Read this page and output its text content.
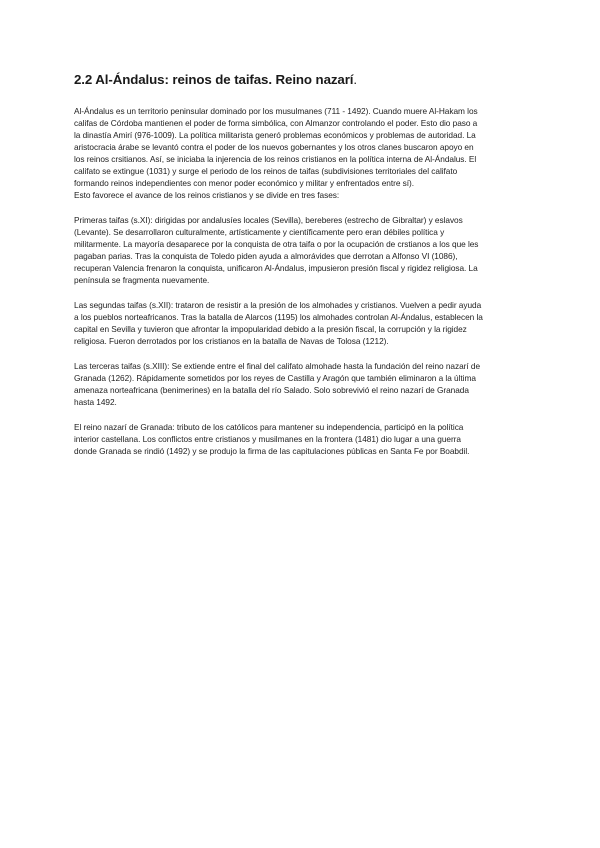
2.2 Al-Ándalus: reinos de taifas. Reino nazarí.

Al-Ándalus es un territorio peninsular dominado por los musulmanes (711 - 1492). Cuando muere Al-Hakam los
califas de Córdoba mantienen el poder de forma simbólica, con Almanzor controlando el poder. Esto dio paso a
la dinastía Amirí (976-1009). La política militarista generó problemas económicos y problemas de autoridad. La
aristocracia árabe se levantó contra el poder de los nuevos gobernantes y los otros clanes buscaron apoyo en
los reinos crsitianos. Así, se iniciaba la injerencia de los reinos cristianos en la política interna de Al-Ándalus. El
califato se extingue (1031) y surge el periodo de los reinos de taifas (subdivisiones territoriales del califato
formando reinos independientes con menor poder económico y militar y enfrentados entre sí).
Esto favorece el avance de los reinos cristianos y se divide en tres fases:

Primeras taifas (s.XI): dirigidas por andalusíes locales (Sevilla), bereberes (estrecho de Gibraltar) y eslavos
(Levante). Se desarrollaron culturalmente, artísticamente y científicamente pero eran débiles política y
militarmente. La mayoría desaparece por la conquista de otra taifa o por la ocupación de crstianos a los que les
pagaban parias. Tras la conquista de Toledo piden ayuda a almorávides que derrotan a Alfonso VI (1086),
recuperan Valencia frenaron la conquista, unificaron Al-Ándalus, impusieron presión fiscal y rigidez religiosa. La
península se fragmenta nuevamente.

Las segundas taifas (s.XII): trataron de resistir a la presión de los almohades y cristianos. Vuelven a pedir ayuda
a los pueblos norteafricanos. Tras la batalla de Alarcos (1195) los almohades controlan Al-Ándalus, establecen la
capital en Sevilla y tuvieron que afrontar la impopularidad debido a la presión fiscal, la corrupción y la rigidez
religiosa. Fueron derrotados por los cristianos en la batalla de Navas de Tolosa (1212).

Las terceras taifas (s.XIII): Se extiende entre el final del califato almohade hasta la fundación del reino nazarí de
Granada (1262). Rápidamente sometidos por los reyes de Castilla y Aragón que también eliminaron a la última
amenaza norteafricana (benimerines) en la batalla del río Salado. Solo sobrevivió el reino nazarí de Granada
hasta 1492.

El reino nazarí de Granada: tributo de los católicos para mantener su independencia, participó en la política
interior castellana. Los conflictos entre cristianos y musilmanes en la frontera (1481) dio lugar a una guerra
donde Granada se rindió (1492) y se produjo la firma de las capitulaciones públicas en Santa Fe por Boabdil.
